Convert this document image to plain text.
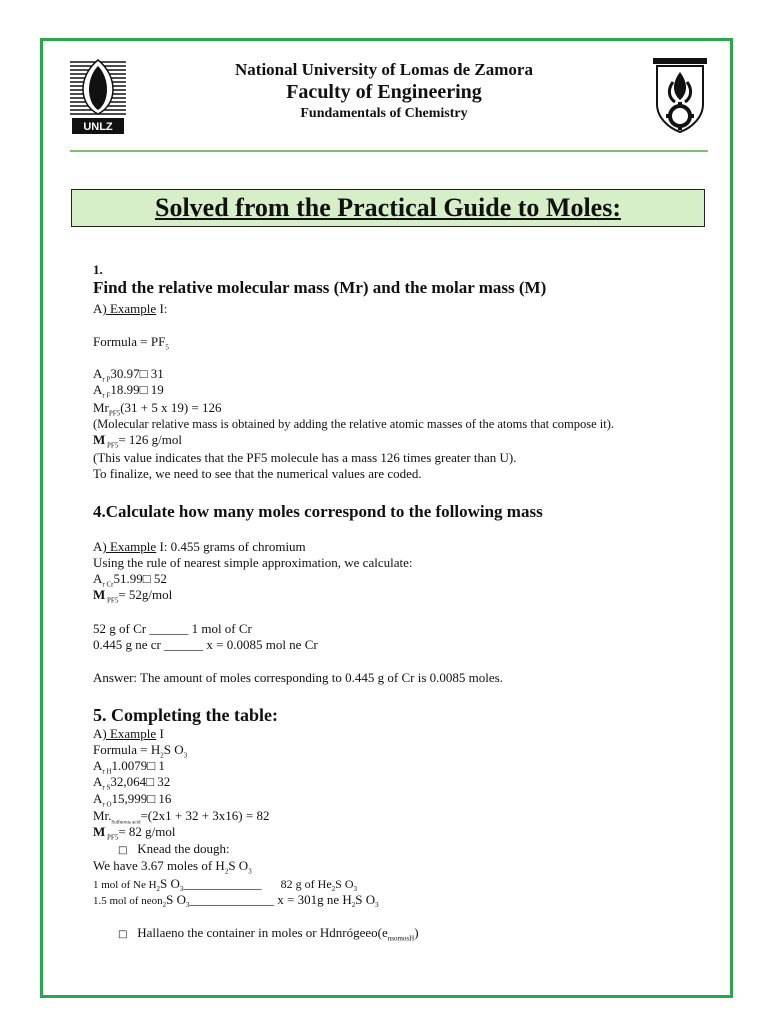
UNLZ
National University of Lomas de Zamora
Faculty of Engineering
Fundamentals of Chemistry
Solved from the Practical Guide to Moles:
1.
Find the relative molecular mass (Mr) and the molar mass (M)
A) Example I:
Formula = $PF_5$
$A_{r P}30.97□$ 31
$A_{r F}18.99□$ 19
$Mr_{PF5}(31 + 5$ x 19) = 126
(Molecular relative mass is obtained by adding the relative atomic masses of the atoms that compose it).
M $_{PF5}$= 126 g/mol
(This value indicates that the PF5 molecule has a mass 126 times greater than U).
To finalize, we need to see that the numerical values are coded.
4.Calculate how many moles correspond to the following mass
A) Example I: 0.455 grams of chromium
Using the rule of nearest simple approximation, we calculate:
$A_{r Cr}51.99□$ 52
M $_{PF5}$= 52g/mol
52 g of Cr ______ 1 mol of Cr
0.445 g ne cr ______ x = 0.0085 mol ne Cr
Answer: The amount of moles corresponding to 0.445 g of Cr is 0.0085 moles.
5. Completing the table:
A) Example I
Formula = $H_2S$ $O_3$
$A_{r H}1.0079□$ 1
$A_{r S}32,064□$ 32
$A_{r O}15,999□$ 16
$Mr._{Sulfurous acid}=(2x1 + 32 + 3x16) = 82$
M $_{PF5}$= 82 g/mol
□ Knead the dough:
We have 3.67 moles of $H_2S$ $O_3$
1 mol of Ne $H_2S$ $O_3\_\_\_\_\_\_\_\_\_\_\_\_$ 82 g of $He_2S$ $O_3$
1.5 mol of neon$_2$S $O_3\_\_\_\_\_\_\_\_\_\_\_\_\_$ x = 301g ne $H_2S$ $O_3$
□ Hallaeno the container in moles or $Hdnrógeeo(e_{nsomosH})$
